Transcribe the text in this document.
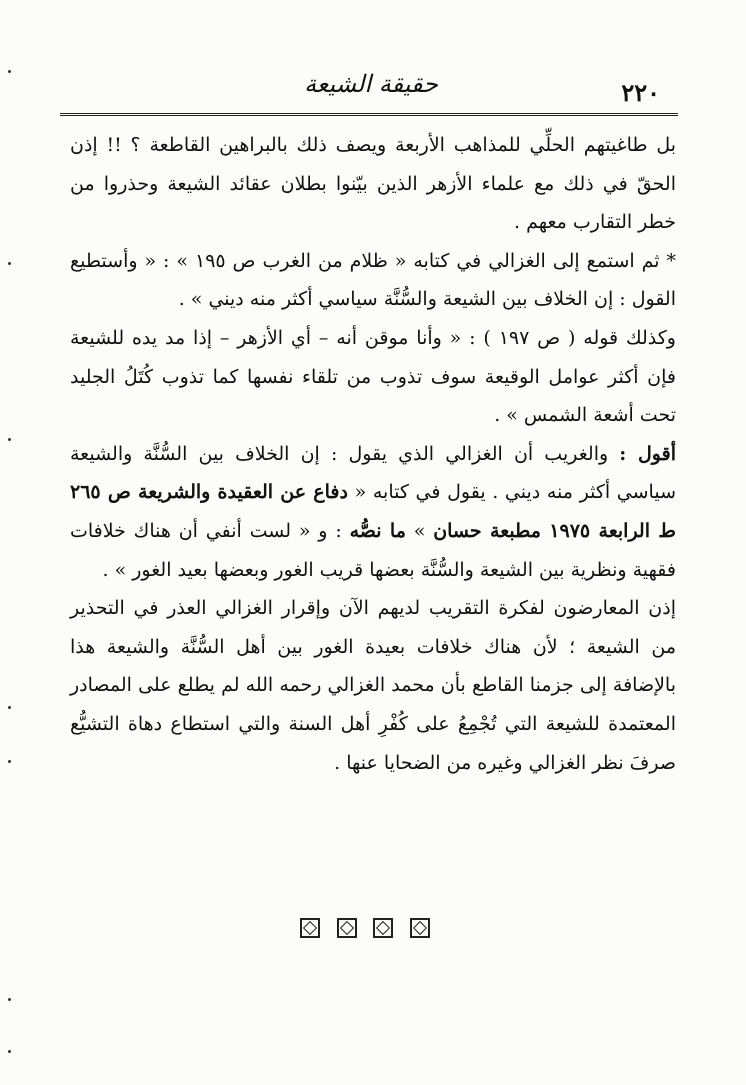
٢٢٠
حقيقة الشيعة

بل طاغيتهم الحلِّي للمذاهب الأربعة ويصف ذلك بالبراهين القاطعة ؟ !! إذن الحقّ في ذلك مع علماء الأزهر الذين بيّنوا بطلان عقائد الشيعة وحذروا من خطر التقارب معهم .

* ثم استمع إلى الغزالي في كتابه « ظلام من الغرب ص ١٩٥ » : « وأستطيع القول : إن الخلاف بين الشيعة والسُّنَّة سياسي أكثر منه ديني » .

وكذلك قوله ( ص ١٩٧ ) : « وأنا موقن أنه – أي الأزهر – إذا مد يده للشيعة فإن أكثر عوامل الوقيعة سوف تذوب من تلقاء نفسها كما تذوب كُتَلُ الجليد تحت أشعة الشمس » .

أقول : والغريب أن الغزالي الذي يقول : إن الخلاف بين السُّنَّة والشيعة سياسي أكثر منه ديني . يقول في كتابه « دفاع عن العقيدة والشريعة ص ٢٦٥ ط الرابعة ١٩٧٥ مطبعة حسان » ما نصُّه : و « لست أنفي أن هناك خلافات فقهية ونظرية بين الشيعة والسُّنَّة بعضها قريب الغور وبعضها بعيد الغور » .

إذن المعارضون لفكرة التقريب لديهم الآن وإقرار الغزالي العذر في التحذير من الشيعة ؛ لأن هناك خلافات بعيدة الغور بين أهل السُّنَّة والشيعة هذا بالإضافة إلى جزمنا القاطع بأن محمد الغزالي رحمه الله لم يطلع على المصادر المعتمدة للشيعة التي تُجْمِعُ على كُفْرِ أهل السنة والتي استطاع دهاة التشيُّع صرفَ نظر الغزالي وغيره من الضحايا عنها .
